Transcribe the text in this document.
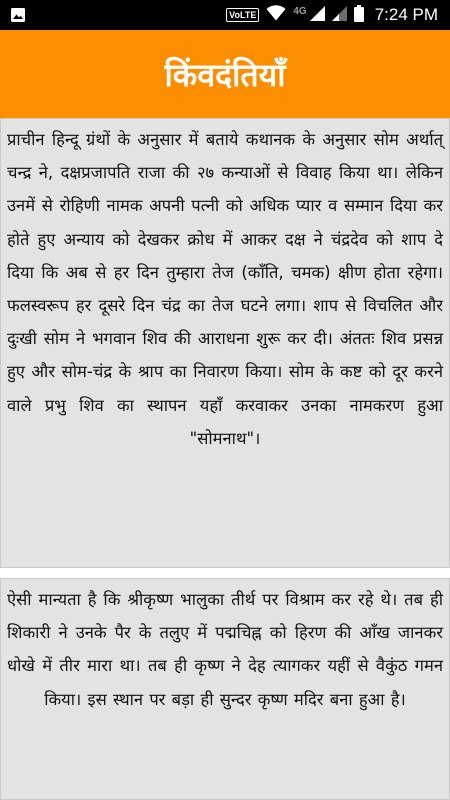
VoLTE	4G	7:24 PM
किंवदंतियाँ

प्राचीन हिन्दू ग्रंथों के अनुसार में बताये कथानक के अनुसार सोम अर्थात् चन्द्र ने, दक्षप्रजापति राजा की २७ कन्याओं से विवाह किया था। लेकिन उनमें से रोहिणी नामक अपनी पत्नी को अधिक प्यार व सम्मान दिया कर होते हुए अन्याय को देखकर क्रोध में आकर दक्ष ने चंद्रदेव को शाप दे दिया कि अब से हर दिन तुम्हारा तेज (काँति, चमक) क्षीण होता रहेगा। फलस्वरूप हर दूसरे दिन चंद्र का तेज घटने लगा। शाप से विचलित और दुःखी सोम ने भगवान शिव की आराधना शुरू कर दी। अंततः शिव प्रसन्न हुए और सोम-चंद्र के श्राप का निवारण किया। सोम के कष्ट को दूर करने वाले प्रभु शिव का स्थापन यहाँ करवाकर उनका नामकरण हुआ "सोमनाथ"।

ऐसी मान्यता है कि श्रीकृष्ण भालुका तीर्थ पर विश्राम कर रहे थे। तब ही शिकारी ने उनके पैर के तलुए में पद्मचिह्न को हिरण की आँख जानकर धोखे में तीर मारा था। तब ही कृष्ण ने देह त्यागकर यहीं से वैकुंठ गमन किया। इस स्थान पर बड़ा ही सुन्दर कृष्ण मदिर बना हुआ है।
